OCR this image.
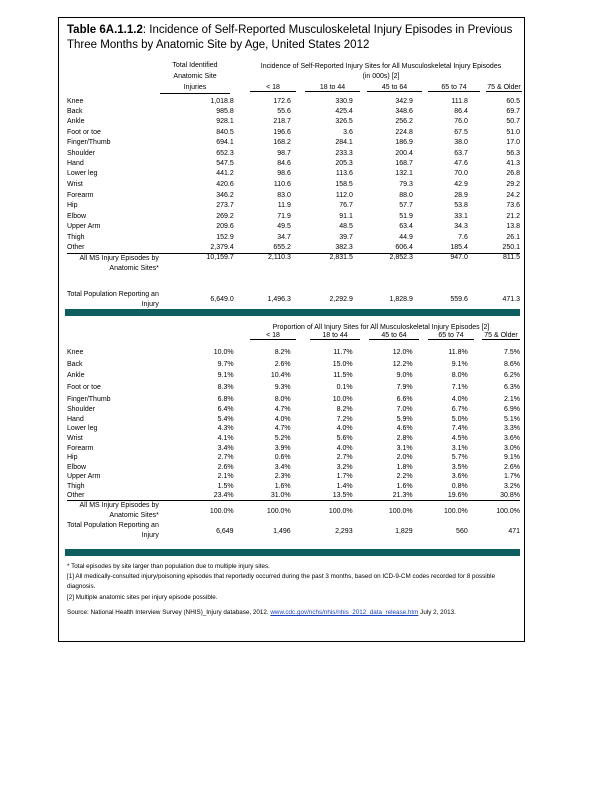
Table 6A.1.1.2: Incidence of Self-Reported Musculoskeletal Injury Episodes in Previous Three Months by Anatomic Site by Age, United States 2012
Total Identified
Anatomic Site
Injuries
Incidence of Self-Reported Injury Sites for All Musculoskeletal Injury Episodes
(in 000s) [2]
< 18	18 to 44	45 to 64	65 to 74	75 & Older
Knee	1,018.8	172.6	330.9	342.9	111.8	60.5
Back	985.8	55.6	425.4	348.6	86.4	69.7
Ankle	928.1	218.7	326.5	256.2	76.0	50.7
Foot or toe	840.5	196.6	3.6	224.8	67.5	51.0
Finger/Thumb	694.1	168.2	284.1	186.9	38.0	17.0
Shoulder	652.3	98.7	233.3	200.4	63.7	56.3
Hand	547.5	84.6	205.3	168.7	47.6	41.3
Lower leg	441.2	98.6	113.6	132.1	70.0	26.8
Wrist	420.6	110.6	158.5	79.3	42.9	29.2
Forearm	346.2	83.0	112.0	88.0	28.9	24.2
Hip	273.7	11.9	76.7	57.7	53.8	73.6
Elbow	269.2	71.9	91.1	51.9	33.1	21.2
Upper Arm	209.6	49.5	48.5	63.4	34.3	13.8
Thigh	152.9	34.7	39.7	44.9	7.6	26.1
Other	2,379.4	655.2	382.3	606.4	185.4	250.1

All MS Injury Episodes by
Anatomic Sites*	10,159.7	2,110.3	2,831.5	2,852.3	947.0	811.5

Total Population Reporting an
Injury	6,649.0	1,496.3	2,292.9	1,828.9	559.6	471.3
Proportion of All Injury Sites for All Musculoskeletal Injury Episodes [2]
< 18	18 to 44	45 to 64	65 to 74	75 & Older
Knee	10.0%	8.2%	11.7%	12.0%	11.8%	7.5%
Back	9.7%	2.6%	15.0%	12.2%	9.1%	8.6%
Ankle	9.1%	10.4%	11.5%	9.0%	8.0%	6.2%
Foot or toe	8.3%	9.3%	0.1%	7.9%	7.1%	6.3%
Finger/Thumb	6.8%	8.0%	10.0%	6.6%	4.0%	2.1%
Shoulder	6.4%	4.7%	8.2%	7.0%	6.7%	6.9%
Hand	5.4%	4.0%	7.2%	5.9%	5.0%	5.1%
Lower leg	4.3%	4.7%	4.0%	4.6%	7.4%	3.3%
Wrist	4.1%	5.2%	5.6%	2.8%	4.5%	3.6%
Forearm	3.4%	3.9%	4.0%	3.1%	3.1%	3.0%
Hip	2.7%	0.6%	2.7%	2.0%	5.7%	9.1%
Elbow	2.6%	3.4%	3.2%	1.8%	3.5%	2.6%
Upper Arm	2.1%	2.3%	1.7%	2.2%	3.6%	1.7%
Thigh	1.5%	1.6%	1.4%	1.6%	0.8%	3.2%
Other	23.4%	31.0%	13.5%	21.3%	19.6%	30.8%

All MS Injury Episodes by
Anatomic Sites*	100.0%	100.0%	100.0%	100.0%	100.0%	100.0%

Total Population Reporting an
Injury	6,649	1,496	2,293	1,829	560	471
* Total episodes by site larger than population due to multiple injury sites.
[1] All medically-consulted injury/poisoning episodes that reportedly occurred during the past 3 months, based on ICD-9-CM codes recorded for 8 possible diagnosis.
[2] Multiple anatomic sites per injury episode possible.
Source: National Health Interview Survey (NHIS)_Injury database, 2012. www.cdc.gov/nchs/nhis/nhis_2012_data_release.htm July 2, 2013.
